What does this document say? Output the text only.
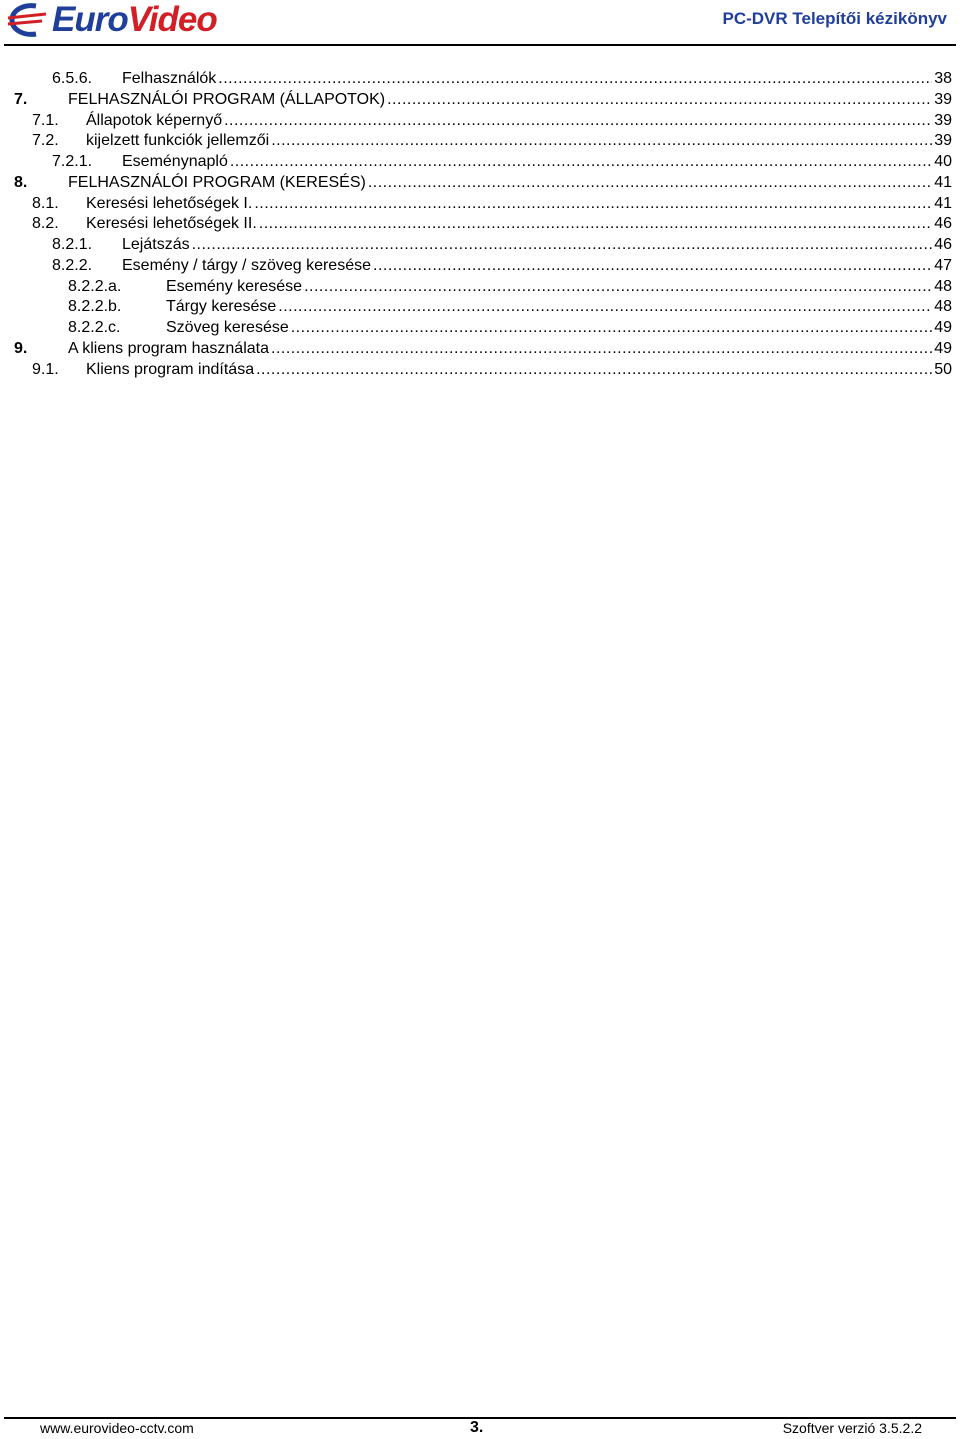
EuroVideo	PC-DVR Telepítői kézikönyv
6.5.6. Felhasználók .....	38
7.	FELHASZNÁLÓI PROGRAM (ÁLLAPOTOK) .....	39
7.1. Állapotok képernyő .....	39
7.2. kijelzett funkciók jellemzői .....	39
7.2.1. Eseménynapló .....	40
8.	FELHASZNÁLÓI PROGRAM (KERESÉS) .....	41
8.1. Keresési lehetőségek I. .....	41
8.2. Keresési lehetőségek II. .....	46
8.2.1. Lejátszás .....	46
8.2.2. Esemény / tárgy / szöveg keresése .....	47
8.2.2.a.	Esemény keresése .....	48
8.2.2.b.	Tárgy keresése .....	48
8.2.2.c.	Szöveg keresése .....	49
9.	A kliens program használata .....	49
9.1. Kliens program indítása .....	50
www.eurovideo-cctv.com	3.	Szoftver verzió 3.5.2.2
